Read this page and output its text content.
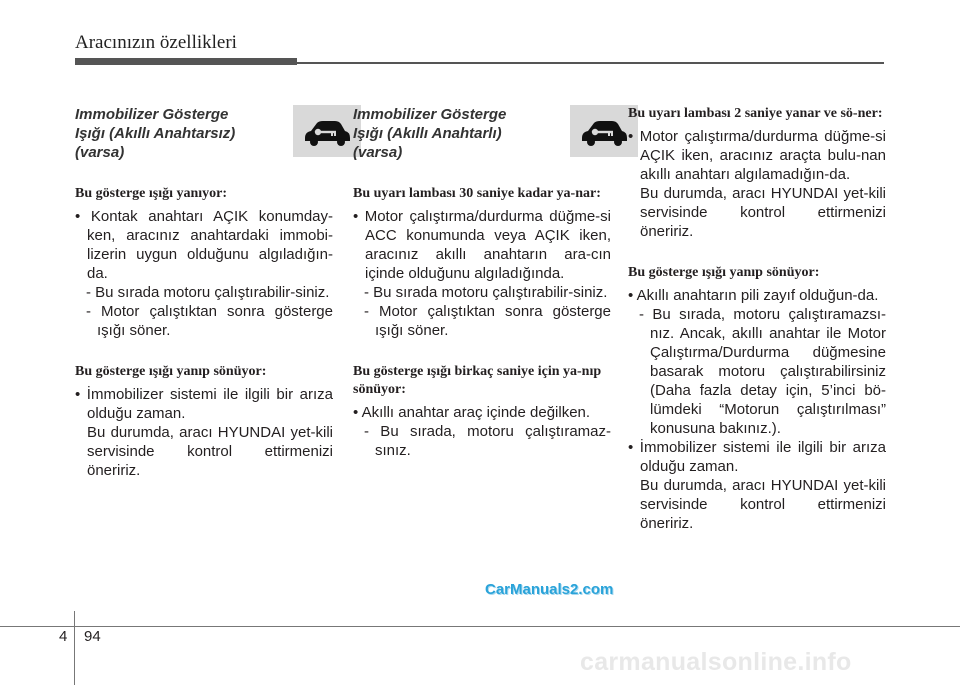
Aracınızın özellikleri

Immobilizer Gösterge

Işığı (Akıllı Anahtarsız)

(varsa)

Bu gösterge ışığı yanıyor:

• Kontak anahtarı AÇIK konumday-ken, aracınız anahtardaki immobi-lizerin uygun olduğunu algıladığın-da.

- Bu sırada motoru çalıştırabilir-siniz.

- Motor çalıştıktan sonra gösterge ışığı söner.

Bu gösterge ışığı yanıp sönüyor:

• İmmobilizer sistemi ile ilgili bir arıza olduğu zaman.

Bu durumda, aracı HYUNDAI yet-kili servisinde kontrol ettirmenizi öneririz.

Immobilizer Gösterge

Işığı (Akıllı Anahtarlı)

(varsa)

Bu uyarı lambası 30 saniye kadar ya-nar:

• Motor çalıştırma/durdurma düğme-si ACC konumunda veya AÇIK iken, aracınız akıllı anahtarın ara-cın içinde olduğunu algıladığında.

- Bu sırada motoru çalıştırabilir-siniz.

- Motor çalıştıktan sonra gösterge ışığı söner.

Bu gösterge ışığı birkaç saniye için ya-nıp sönüyor:

• Akıllı anahtar araç içinde değilken.

- Bu sırada, motoru çalıştıramaz-sınız.

Bu uyarı lambası 2 saniye yanar ve sö-ner:

• Motor çalıştırma/durdurma düğme-si AÇIK iken, aracınız araçta bulu-nan akıllı anahtarı algılamadığın-da.

Bu durumda, aracı HYUNDAI yet-kili servisinde kontrol ettirmenizi öneririz.

Bu gösterge ışığı yanıp sönüyor:

• Akıllı anahtarın pili zayıf olduğun-da.

- Bu sırada, motoru çalıştıramazsı-nız. Ancak, akıllı anahtar ile Motor Çalıştırma/Durdurma düğmesine basarak motoru çalıştırabilirsiniz (Daha fazla detay için, 5’inci bö-lümdeki “Motorun çalıştırılması” konusuna bakınız.).

• İmmobilizer sistemi ile ilgili bir arıza olduğu zaman.

Bu durumda, aracı HYUNDAI yet-kili servisinde kontrol ettirmenizi öneririz.

CarManuals2.com
4 94
carmanualsonline.info
